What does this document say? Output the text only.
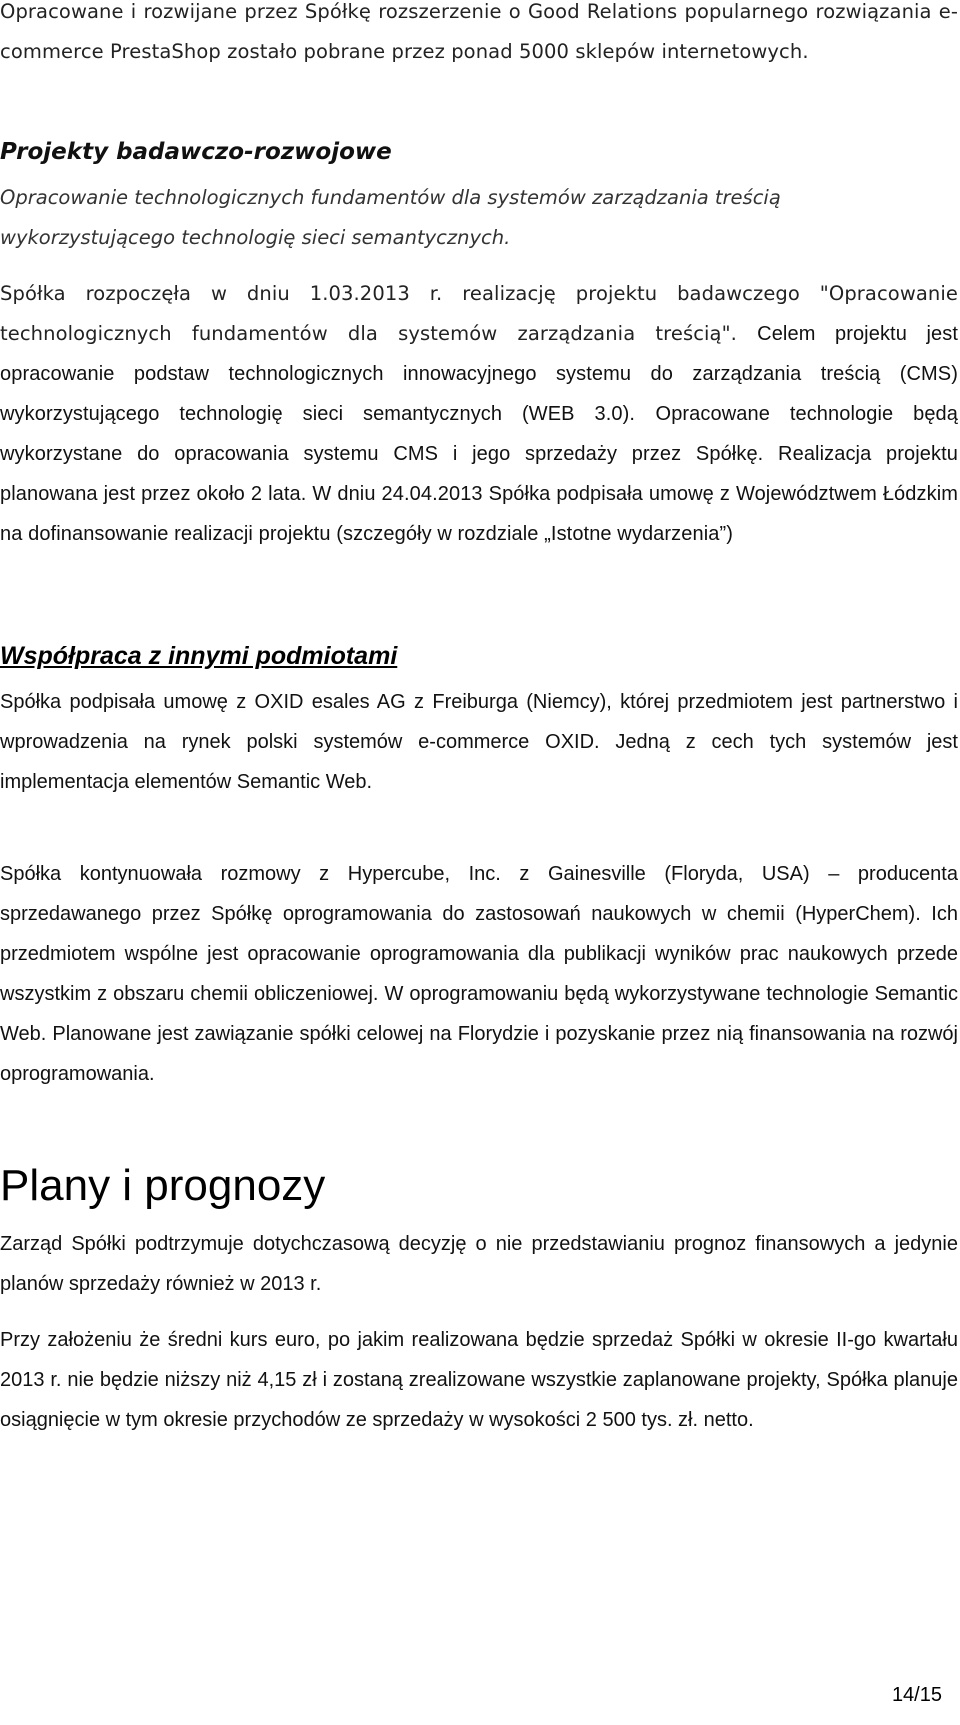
Opracowane i rozwijane przez Spółkę rozszerzenie o Good Relations popularnego rozwiązania e-commerce PrestaShop zostało pobrane przez ponad 5000 sklepów internetowych.

Projekty badawczo-rozwojowe

Opracowanie technologicznych fundamentów dla systemów zarządzania treścią wykorzystującego technologię sieci semantycznych.

Spółka rozpoczęła w dniu 1.03.2013 r. realizację projektu badawczego "Opracowanie technologicznych fundamentów dla systemów zarządzania treścią". Celem projektu jest opracowanie podstaw technologicznych innowacyjnego systemu do zarządzania treścią (CMS) wykorzystującego technologię sieci semantycznych (WEB 3.0). Opracowane technologie będą wykorzystane do opracowania systemu CMS i jego sprzedaży przez Spółkę. Realizacja projektu planowana jest przez około 2 lata. W dniu 24.04.2013 Spółka podpisała umowę z Województwem Łódzkim na dofinansowanie realizacji projektu (szczegóły w rozdziale „Istotne wydarzenia”)

Współpraca z innymi podmiotami

Spółka podpisała umowę z OXID esales AG z Freiburga (Niemcy), której przedmiotem jest partnerstwo i wprowadzenia na rynek polski systemów e-commerce OXID. Jedną z cech tych systemów jest implementacja elementów Semantic Web.

Spółka kontynuowała rozmowy z Hypercube, Inc. z Gainesville (Floryda, USA) – producenta sprzedawanego przez Spółkę oprogramowania do zastosowań naukowych w chemii (HyperChem). Ich przedmiotem wspólne jest opracowanie oprogramowania dla publikacji wyników prac naukowych przede wszystkim z obszaru chemii obliczeniowej. W oprogramowaniu będą wykorzystywane technologie Semantic Web. Planowane jest zawiązanie spółki celowej na Florydzie i pozyskanie przez nią finansowania na rozwój oprogramowania.

Plany i prognozy

Zarząd Spółki podtrzymuje dotychczasową decyzję o nie przedstawianiu prognoz finansowych a jedynie planów sprzedaży również w 2013 r.

Przy założeniu że średni kurs euro, po jakim realizowana będzie sprzedaż Spółki w okresie II-go kwartału 2013 r. nie będzie niższy niż 4,15 zł i zostaną zrealizowane wszystkie zaplanowane projekty, Spółka planuje osiągnięcie w tym okresie przychodów ze sprzedaży w wysokości 2 500 tys. zł. netto.

14/15
